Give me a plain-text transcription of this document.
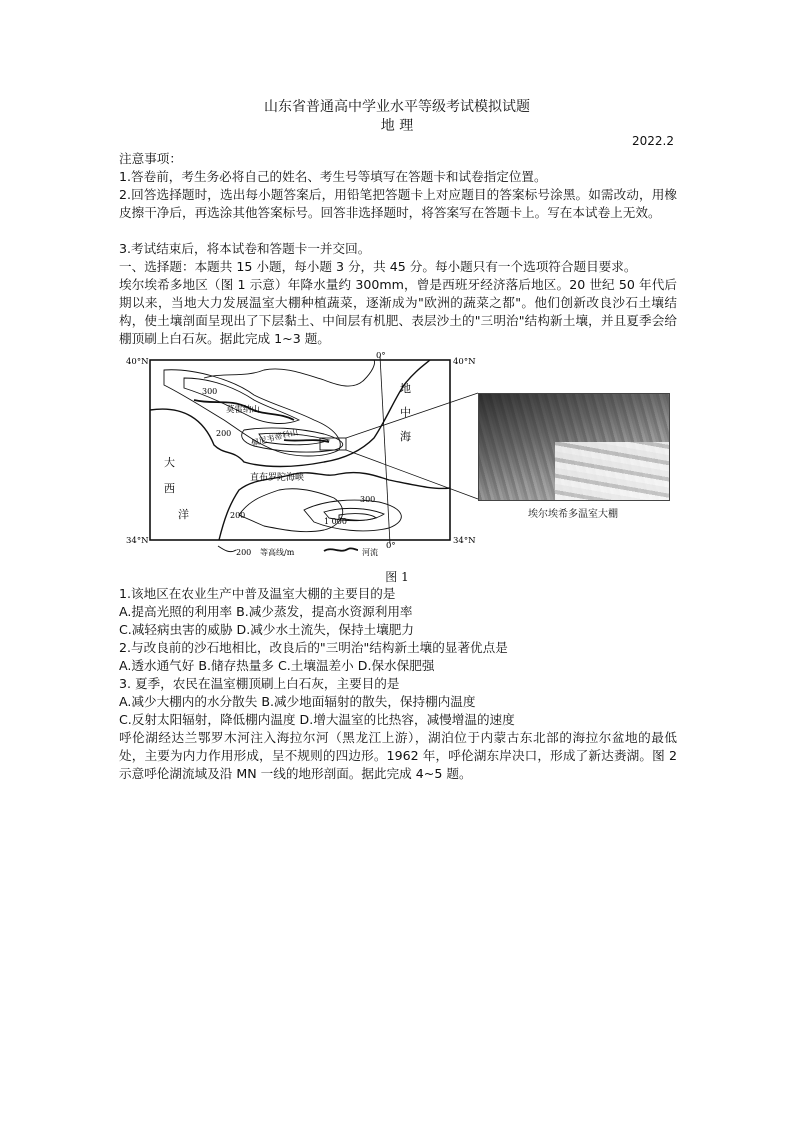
山东省普通高中学业水平等级考试模拟试题
地 理
2022.2
注意事项：
1.答卷前，考生务必将自己的姓名、考生号等填写在答题卡和试卷指定位置。
2.回答选择题时，选出每小题答案后，用铅笔把答题卡上对应题目的答案标号涂黑。如需改动，用橡皮擦干净后，再选涂其他答案标号。回答非选择题时，将答案写在答题卡上。写在本试卷上无效。
3.考试结束后，将本试卷和答题卡一并交回。
一、选择题：本题共 15 小题，每小题 3 分，共 45 分。每小题只有一个选项符合题目要求。
埃尔埃希多地区（图 1 示意）年降水量约 300mm，曾是西班牙经济落后地区。20 世纪 50 年代后期以来，当地大力发展温室大棚种植蔬菜，逐渐成为"欧洲的蔬菜之都"。他们创新改良沙石土壤结构，使土壤剖面呈现出了下层黏土、中间层有机肥、表层沙土的"三明治"结构新土壤，并且夏季会给棚顶刷上白石灰。据此完成 1~3 题。
40°N	40°N
34°N	34°N
0°
0°
地
中
海
大
西
洋
直布罗陀海峡
莫雷纳山
佩尼韦蒂科山
300
200
300
200
1 000
200 等高线/m	河流
埃尔埃希多温室大棚
图 1
1.该地区在农业生产中普及温室大棚的主要目的是
A.提高光照的利用率 B.减少蒸发，提高水资源利用率
C.减轻病虫害的威胁 D.减少水土流失，保持土壤肥力
2.与改良前的沙石地相比，改良后的"三明治"结构新土壤的显著优点是
A.透水通气好 B.储存热量多 C.土壤温差小 D.保水保肥强
3. 夏季，农民在温室棚顶刷上白石灰，主要目的是
A.减少大棚内的水分散失 B.减少地面辐射的散失，保持棚内温度
C.反射太阳辐射，降低棚内温度 D.增大温室的比热容，减慢增温的速度
呼伦湖经达兰鄂罗木河注入海拉尔河（黑龙江上游），湖泊位于内蒙古东北部的海拉尔盆地的最低处，主要为内力作用形成，呈不规则的四边形。1962 年，呼伦湖东岸决口，形成了新达赉湖。图 2 示意呼伦湖流域及沿 MN 一线的地形剖面。据此完成 4~5 题。
